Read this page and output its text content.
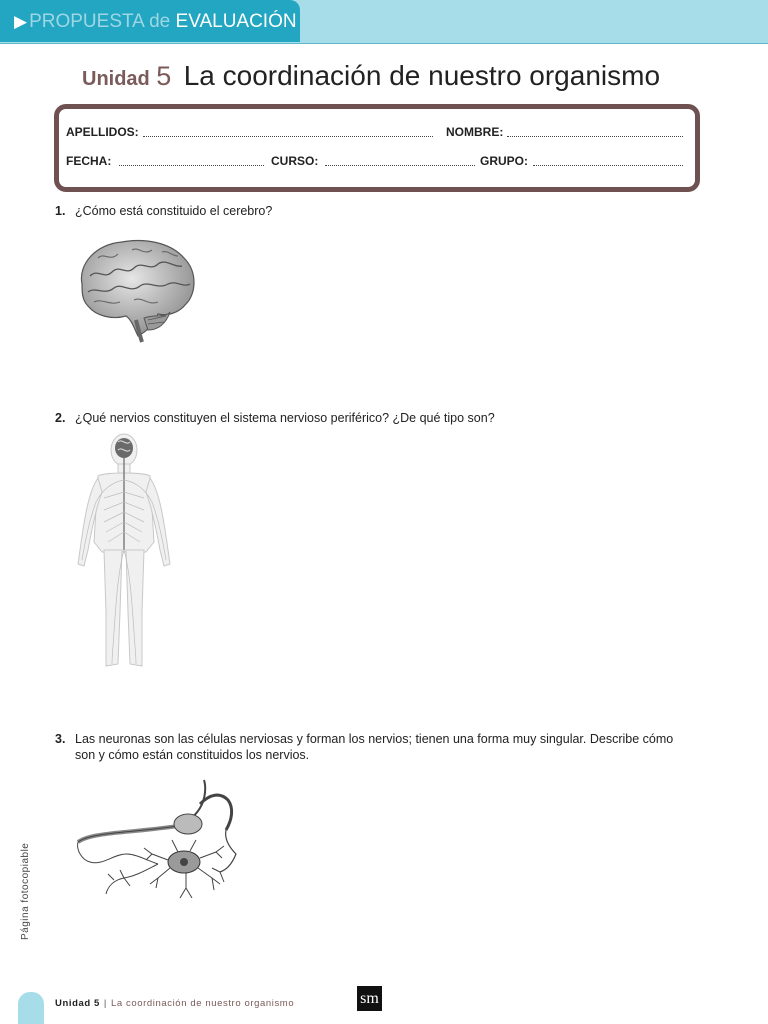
▶ PROPUESTA de EVALUACIÓN
Unidad 5 La coordinación de nuestro organismo
APELLIDOS:	NOMBRE:
FECHA:	CURSO:	GRUPO:
1. ¿Cómo está constituido el cerebro?
2. ¿Qué nervios constituyen el sistema nervioso periférico? ¿De qué tipo son?
3. Las neuronas son las células nerviosas y forman los nervios; tienen una forma muy singular. Describe cómo son y cómo están constituidos los nervios.
Página fotocopiable
Unidad 5 | La coordinación de nuestro organismo	sm
